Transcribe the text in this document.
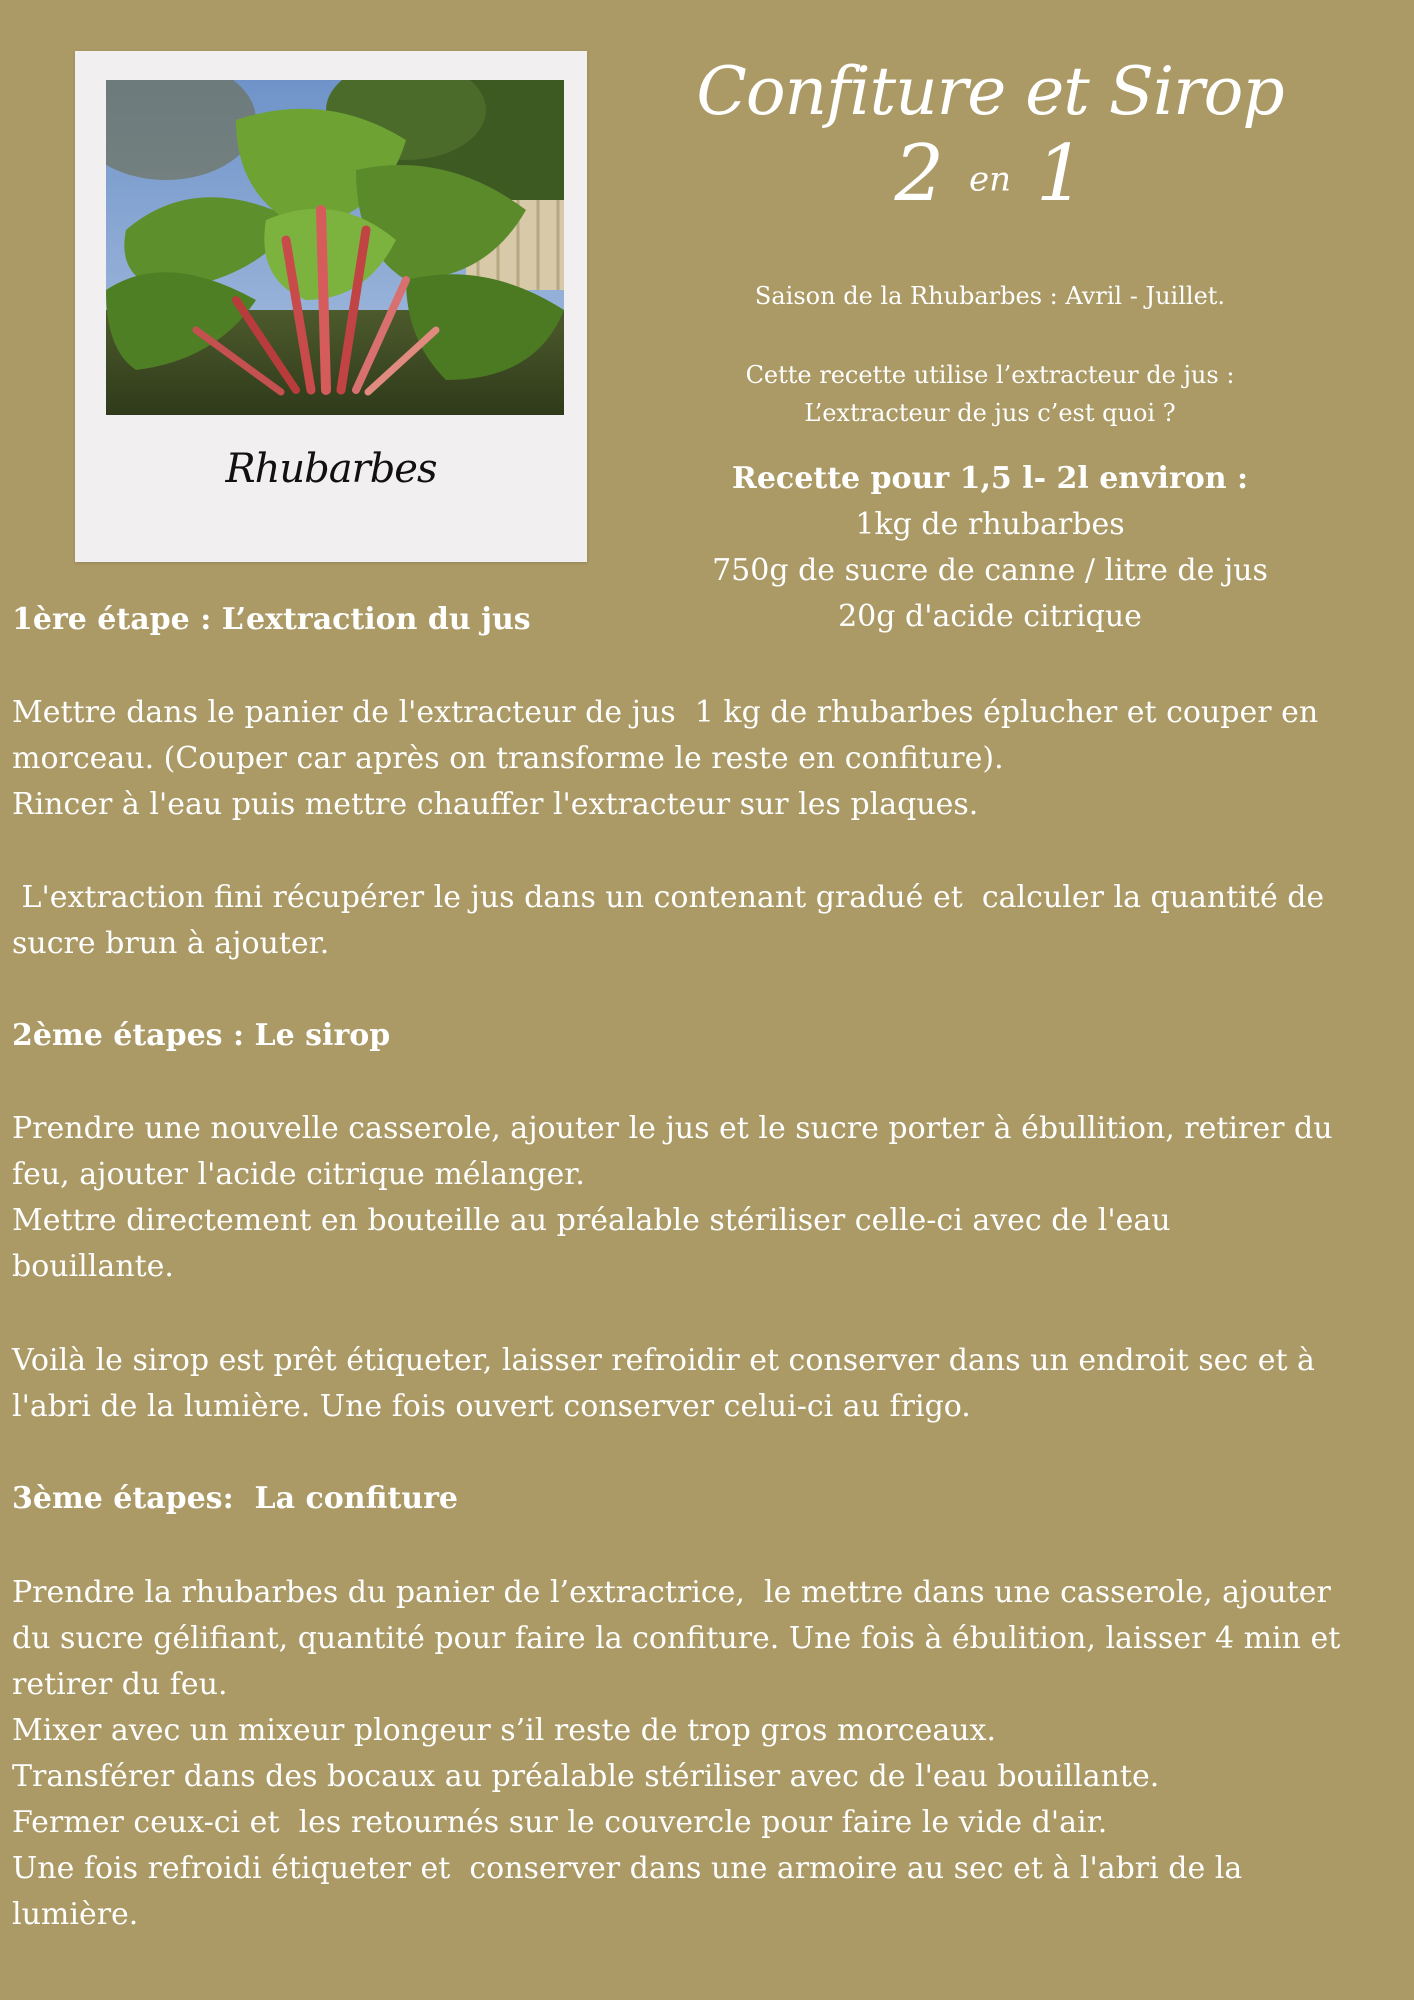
Rhubarbes

Confiture et Sirop

2 en 1

Saison de la Rhubarbes : Avril - Juillet.
Cette recette utilise l’extracteur de jus :
L’extracteur de jus c’est quoi ?
Recette pour 1,5 l- 2l environ :
1kg de rhubarbes
750g de sucre de canne / litre de jus
20g d'acide citrique
1ère étape : L’extraction du jus
Mettre dans le panier de l'extracteur de jus  1 kg de rhubarbes éplucher et couper en
morceau. (Couper car après on transforme le reste en confiture).
Rincer à l'eau puis mettre chauffer l'extracteur sur les plaques.
L'extraction fini récupérer le jus dans un contenant gradué et  calculer la quantité de
sucre brun à ajouter.
2ème étapes : Le sirop
Prendre une nouvelle casserole, ajouter le jus et le sucre porter à ébullition, retirer du
feu, ajouter l'acide citrique mélanger.
Mettre directement en bouteille au préalable stériliser celle-ci avec de l'eau
bouillante.
Voilà le sirop est prêt étiqueter, laisser refroidir et conserver dans un endroit sec et à
l'abri de la lumière. Une fois ouvert conserver celui-ci au frigo.
3ème étapes:  La confiture
Prendre la rhubarbes du panier de l’extractrice,  le mettre dans une casserole, ajouter
du sucre gélifiant, quantité pour faire la confiture. Une fois à ébulition, laisser 4 min et
retirer du feu.
Mixer avec un mixeur plongeur s’il reste de trop gros morceaux.
Transférer dans des bocaux au préalable stériliser avec de l'eau bouillante.
Fermer ceux-ci et  les retournés sur le couvercle pour faire le vide d'air.
Une fois refroidi étiqueter et  conserver dans une armoire au sec et à l'abri de la
lumière.
